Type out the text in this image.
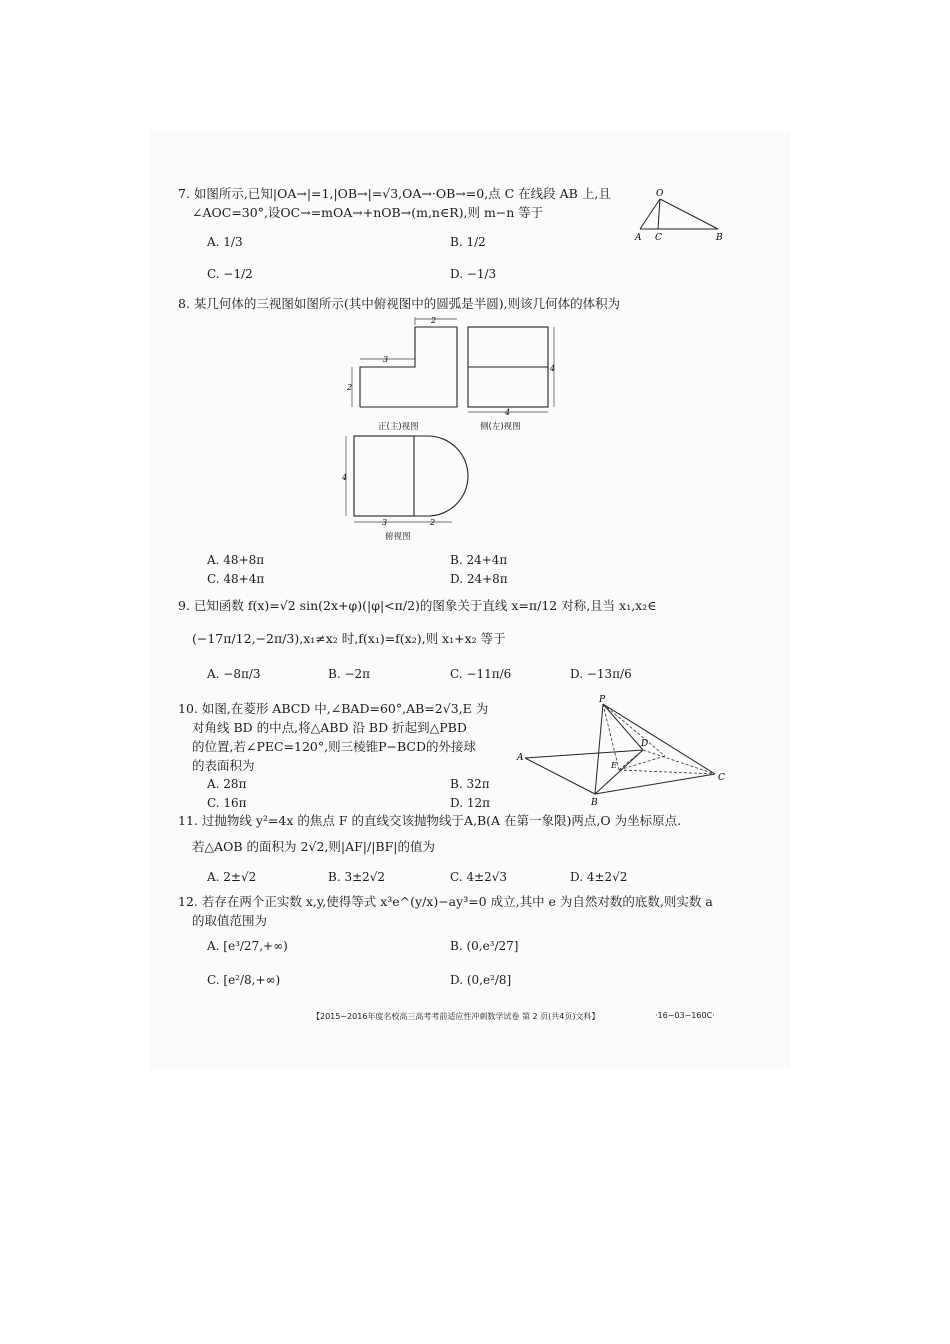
7. 如图所示,已知|OA→|=1,|OB→|=√3,OA→·OB→=0,点 C 在线段 AB 上,且
∠AOC=30°,设OC→=mOA→+nOB→(m,n∈R),则 m−n 等于
A. 1/3	B. 1/2
C. −1/2	D. −1/3
O
A C	B
8. 某几何体的三视图如图所示(其中俯视图中的圆弧是半圆),则该几何体的体积为
2
3
2
正(主)视图
4
4
侧(左)视图
4
3	2
俯视图
A. 48+8π	B. 24+4π
C. 48+4π	D. 24+8π
9. 已知函数 f(x)=√2 sin(2x+φ)(|φ|<π/2)的图象关于直线 x=π/12 对称,且当 x₁,x₂∈
(−17π/12,−2π/3),x₁≠x₂ 时,f(x₁)=f(x₂),则 x₁+x₂ 等于
A. −8π/3	B. −2π	C. −11π/6	D. −13π/6
10. 如图,在菱形 ABCD 中,∠BAD=60°,AB=2√3,E 为
对角线 BD 的中点,将△ABD 沿 BD 折起到△PBD
的位置,若∠PEC=120°,则三棱锥P−BCD的外接球
的表面积为
A. 28π	B. 32π
C. 16π	D. 12π
P
A
D
E
C
B
11. 过抛物线 y²=4x 的焦点 F 的直线交该抛物线于A,B(A 在第一象限)两点,O 为坐标原点.
若△AOB 的面积为 2√2,则|AF|/|BF|的值为
A. 2±√2	B. 3±2√2	C. 4±2√3	D. 4±2√2
12. 若存在两个正实数 x,y,使得等式 x³e^(y/x)−ay³=0 成立,其中 e 为自然对数的底数,则实数 a
的取值范围为
A. [e³/27,+∞)	B. (0,e³/27]
C. [e²/8,+∞)	D. (0,e²/8]
【2015~2016年度名校高三高考考前适应性冲刺数学试卷 第 2 页(共4页)文科】	·16−03−160C·
